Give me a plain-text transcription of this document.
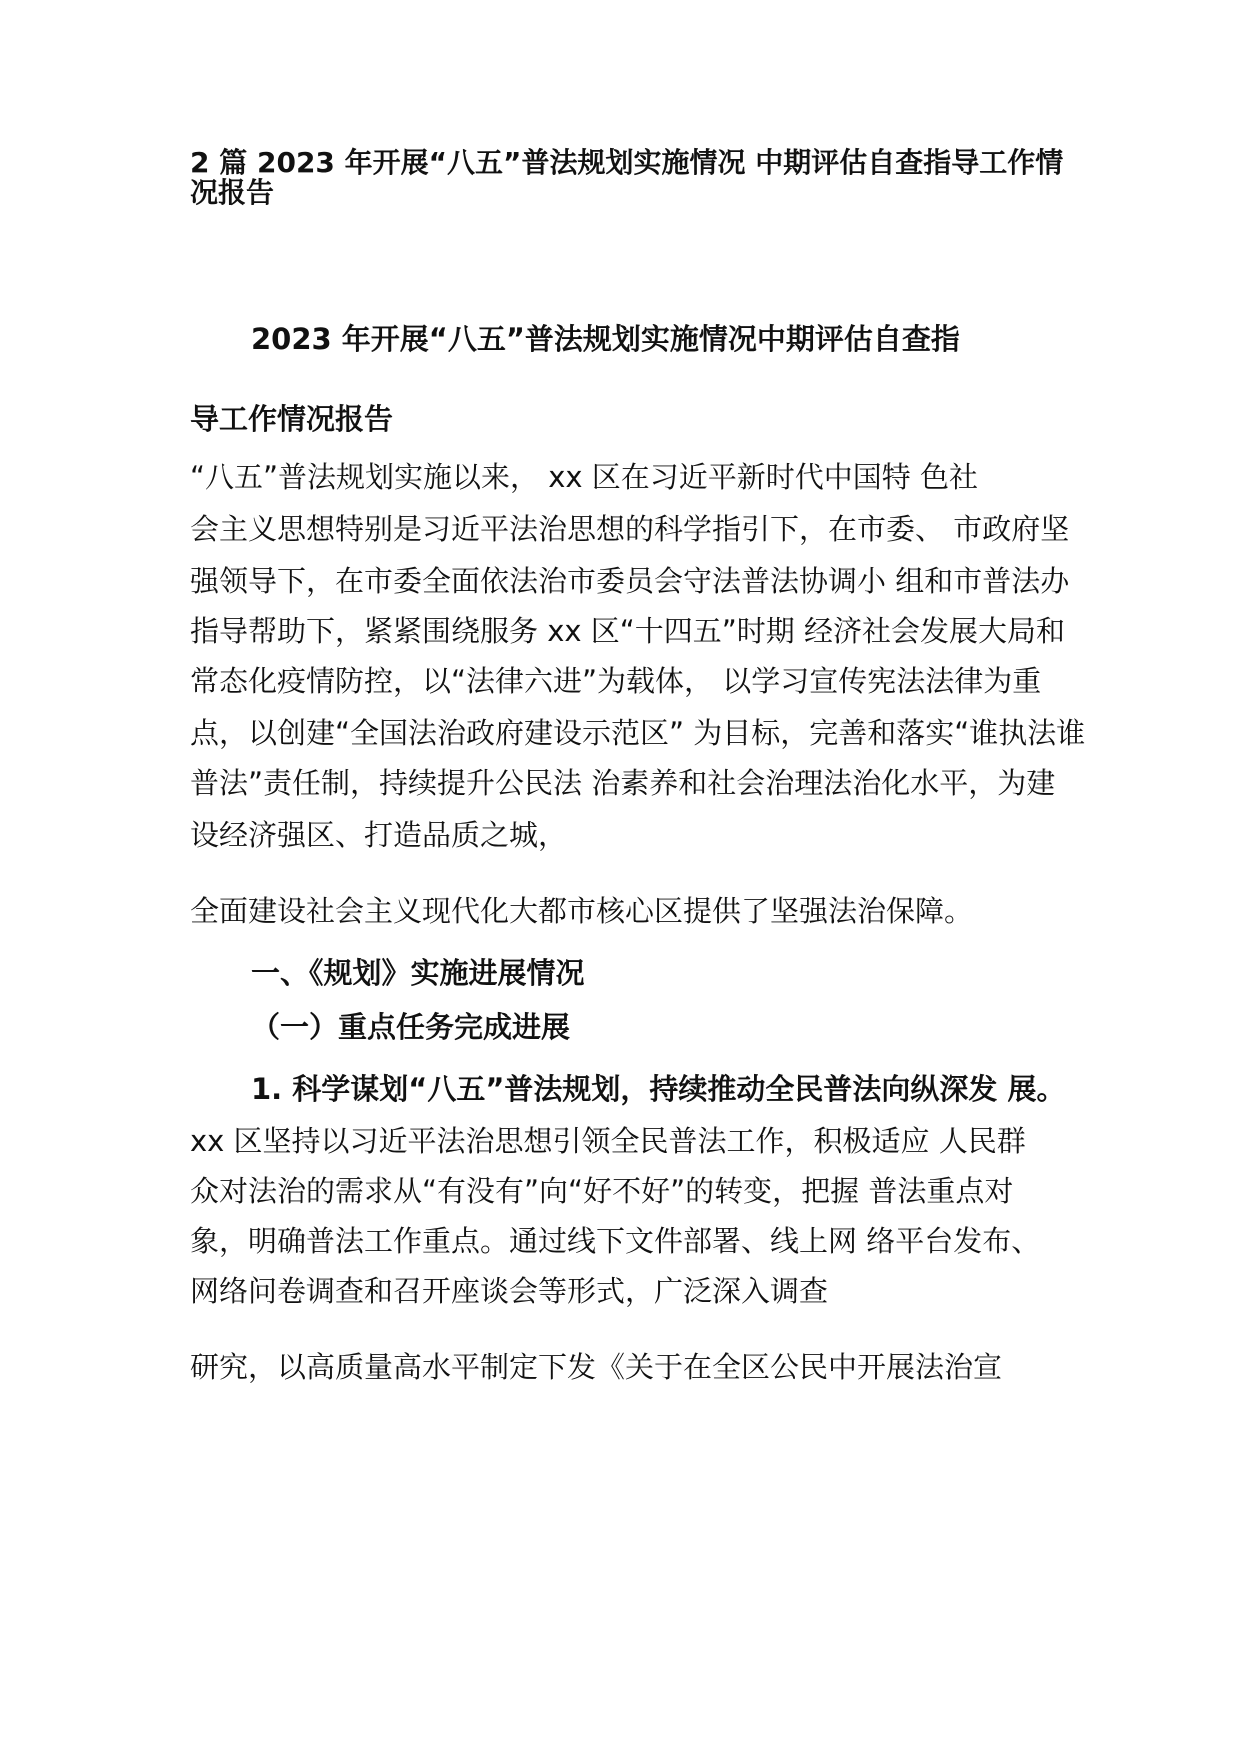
2 篇 2023 年开展“八五”普法规划实施情况 中期评估自查指导工作情
况报告
2023 年开展“八五”普法规划实施情况中期评估自查指
导工作情况报告
“八五”普法规划实施以来， xx 区在习近平新时代中国特 色社
会主义思想特别是习近平法治思想的科学指引下，在市委、 市政府坚
强领导下，在市委全面依法治市委员会守法普法协调小 组和市普法办
指导帮助下，紧紧围绕服务 xx 区“十四五”时期 经济社会发展大局和
常态化疫情防控，以“法律六进”为载体， 以学习宣传宪法法律为重
点，以创建“全国法治政府建设示范区” 为目标，完善和落实“谁执法谁
普法”责任制，持续提升公民法 治素养和社会治理法治化水平，为建
设经济强区、打造品质之城，
全面建设社会主义现代化大都市核心区提供了坚强法治保障。
一、《规划》实施进展情况
（一）重点任务完成进展
1. 科学谋划“八五”普法规划，持续推动全民普法向纵深发 展。
xx 区坚持以习近平法治思想引领全民普法工作，积极适应 人民群
众对法治的需求从“有没有”向“好不好”的转变，把握 普法重点对
象，明确普法工作重点。通过线下文件部署、线上网 络平台发布、
网络问卷调查和召开座谈会等形式，广泛深入调查
研究，以高质量高水平制定下发《关于在全区公民中开展法治宣
